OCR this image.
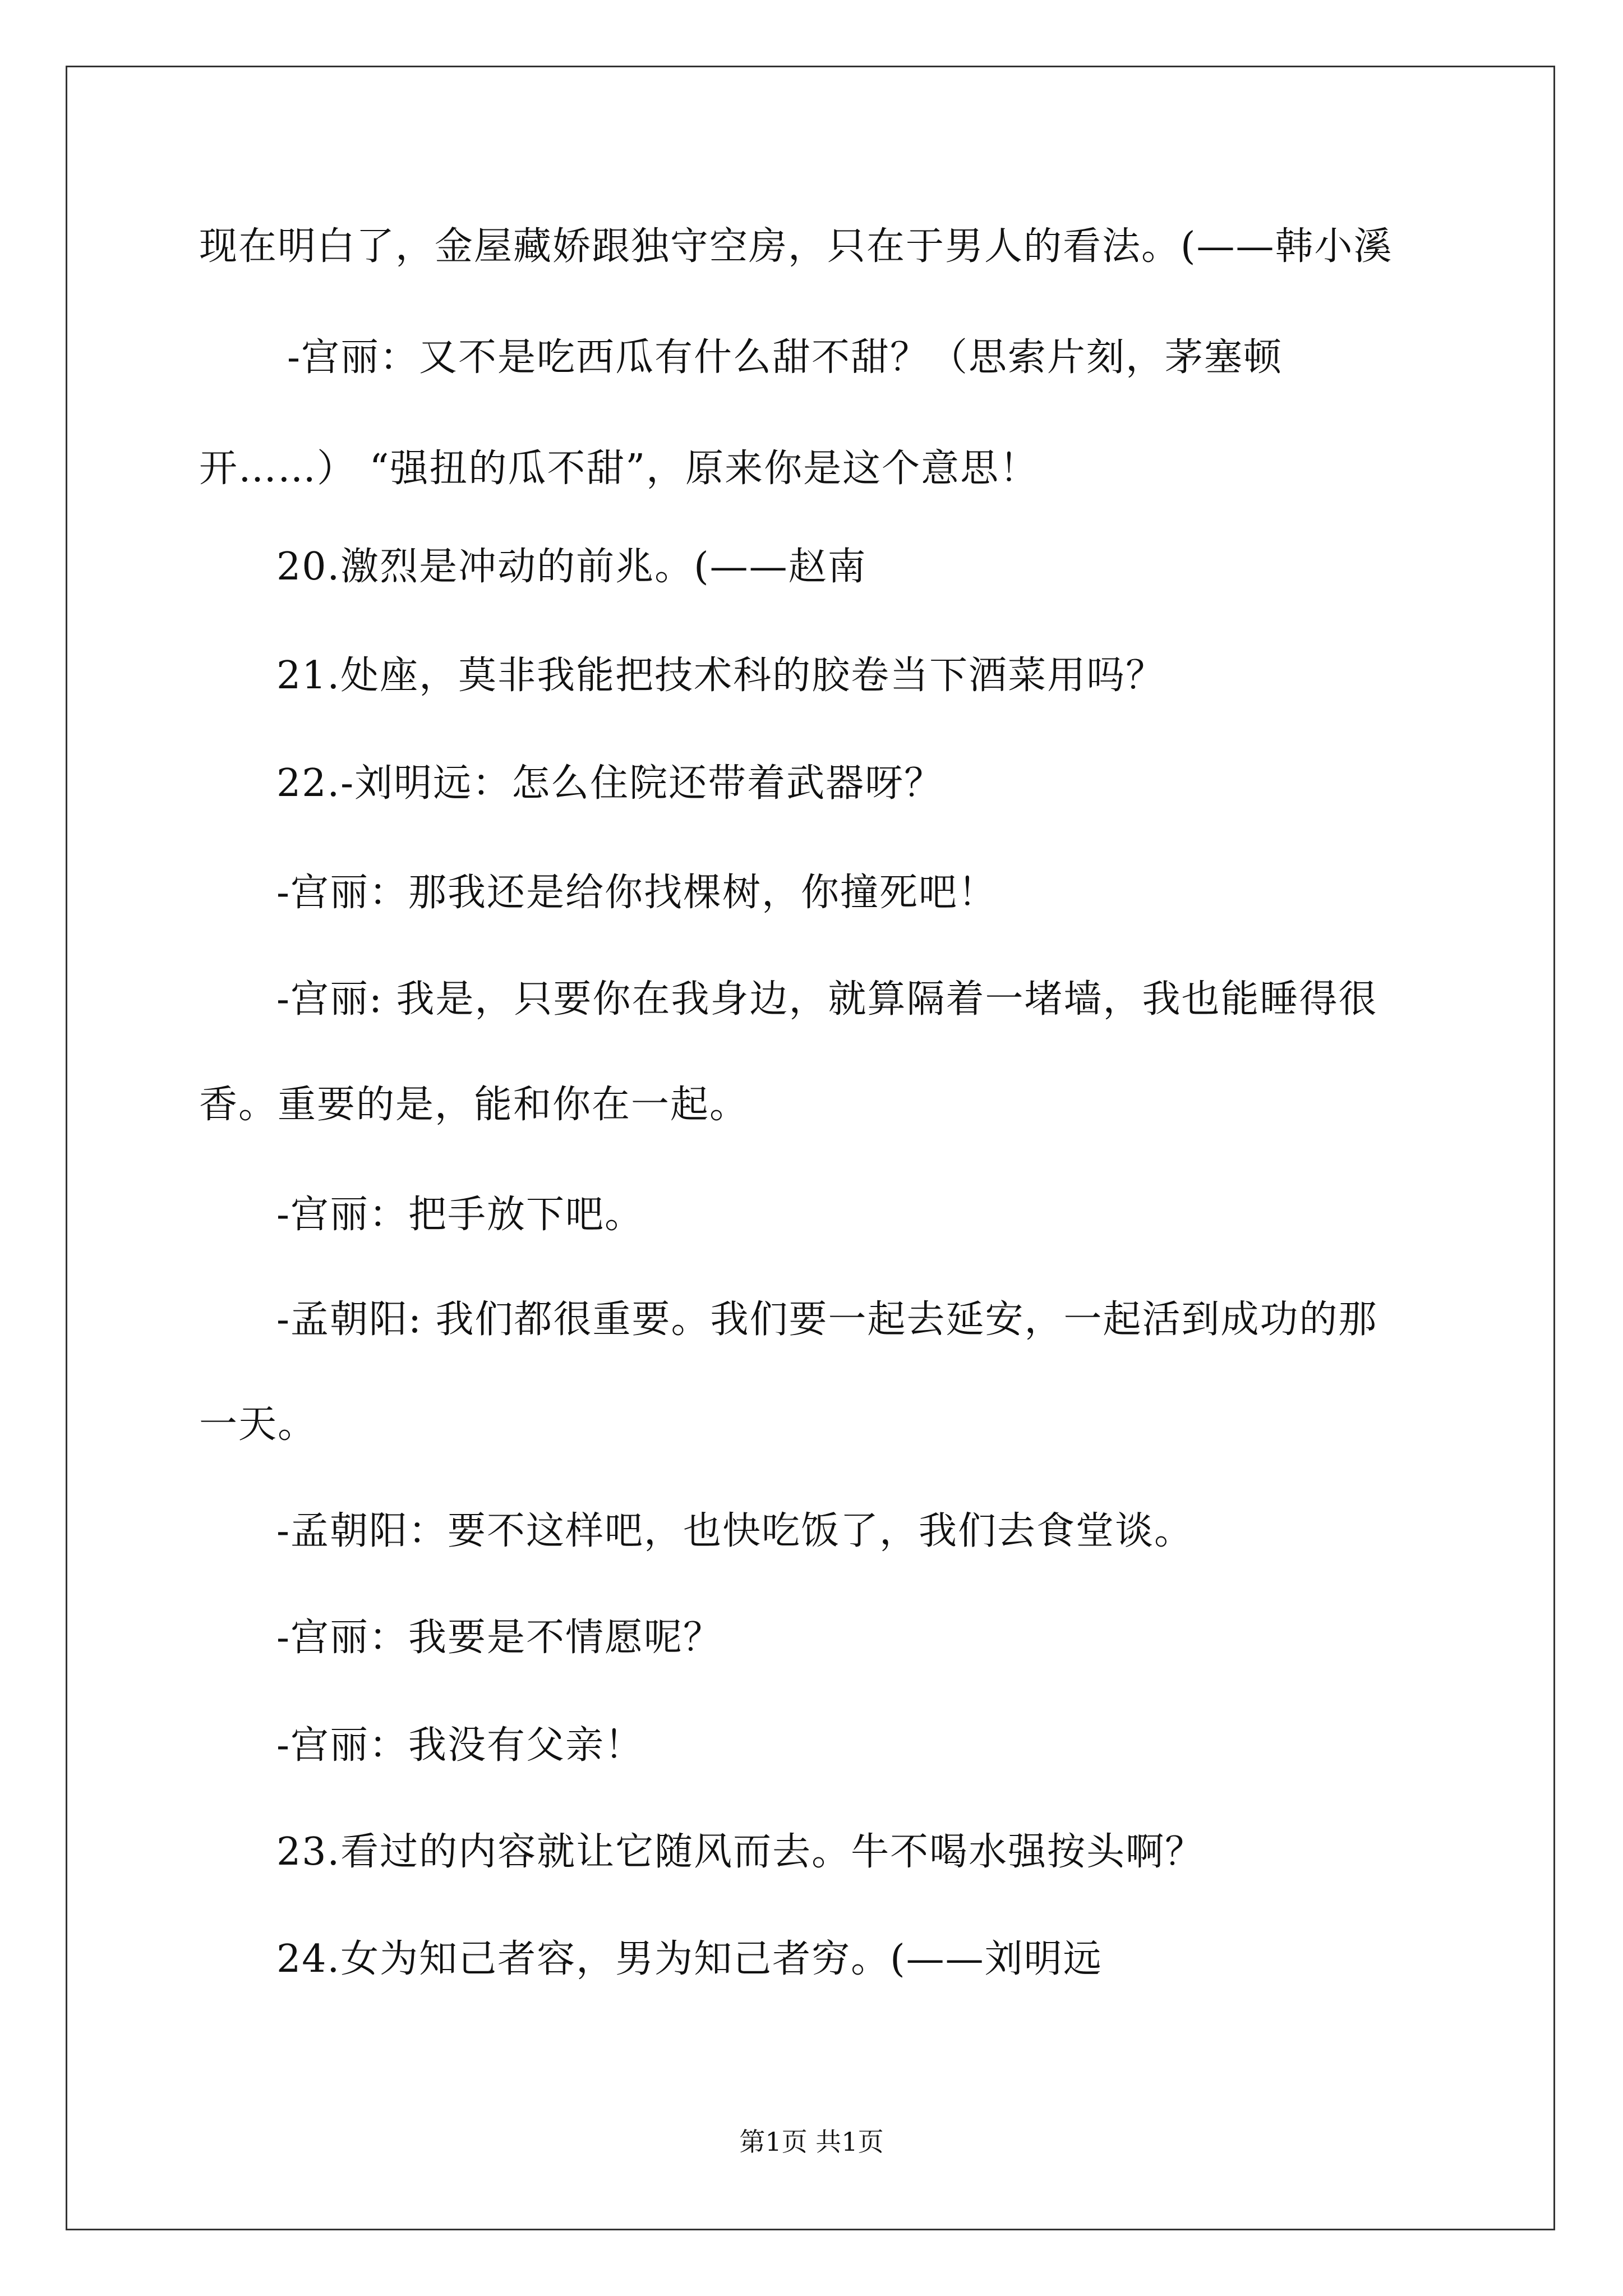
现在明白了，金屋藏娇跟独守空房，只在于男人的看法。(——韩小溪
-宫丽：又不是吃西瓜有什么甜不甜？（思索片刻，茅塞顿
开……） “强扭的瓜不甜”，原来你是这个意思！
20.激烈是冲动的前兆。(——赵南
21.处座，莫非我能把技术科的胶卷当下酒菜用吗？
22.-刘明远：怎么住院还带着武器呀？
-宫丽：那我还是给你找棵树，你撞死吧！
-宫丽: 我是，只要你在我身边，就算隔着一堵墙，我也能睡得很
香。重要的是，能和你在一起。
-宫丽：把手放下吧。
-孟朝阳: 我们都很重要。我们要一起去延安，一起活到成功的那
一天。
-孟朝阳：要不这样吧，也快吃饭了，我们去食堂谈。
-宫丽：我要是不情愿呢？
-宫丽：我没有父亲！
23.看过的内容就让它随风而去。牛不喝水强按头啊？
24.女为知己者容，男为知己者穷。(——刘明远
第1页 共1页
